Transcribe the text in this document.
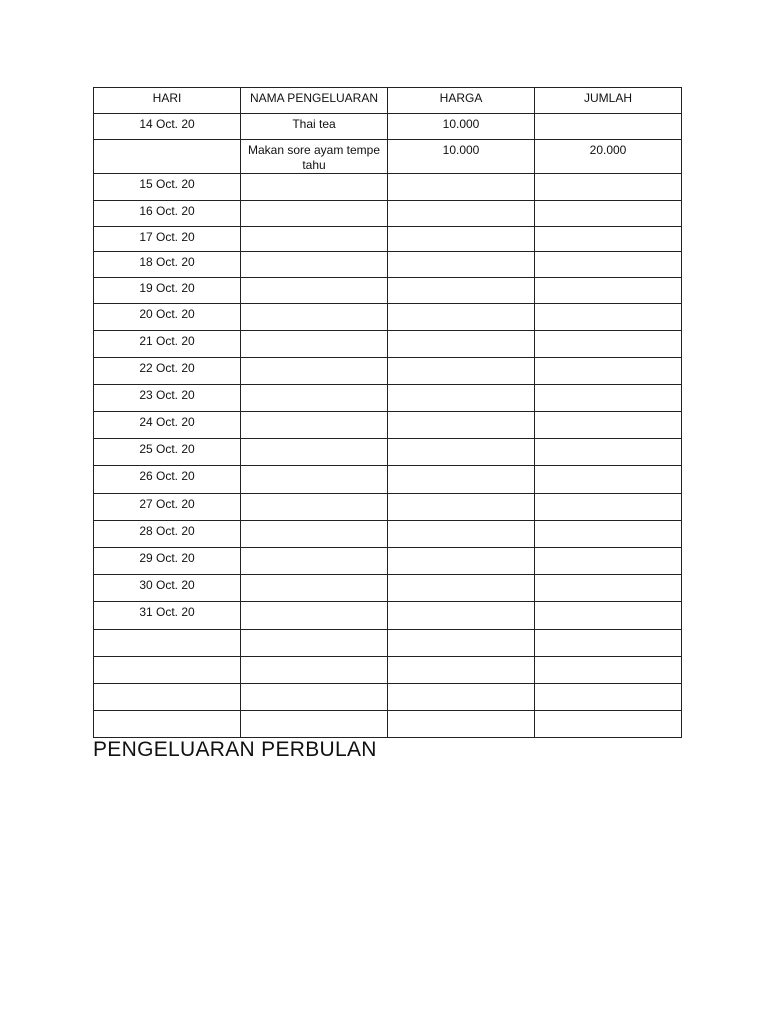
HARI	NAMA PENGELUARAN	HARGA	JUMLAH
14 Oct. 20	Thai tea	10.000	
	Makan sore ayam tempe tahu	10.000	20.000
15 Oct. 20			
16 Oct. 20			
17 Oct. 20			
18 Oct. 20			
19 Oct. 20			
20 Oct. 20			
21 Oct. 20			
22 Oct. 20			
23 Oct. 20			
24 Oct. 20			
25 Oct. 20			
26 Oct. 20			
27 Oct. 20			
28 Oct. 20			
29 Oct. 20			
30 Oct. 20			
31 Oct. 20			

PENGELUARAN PERBULAN
